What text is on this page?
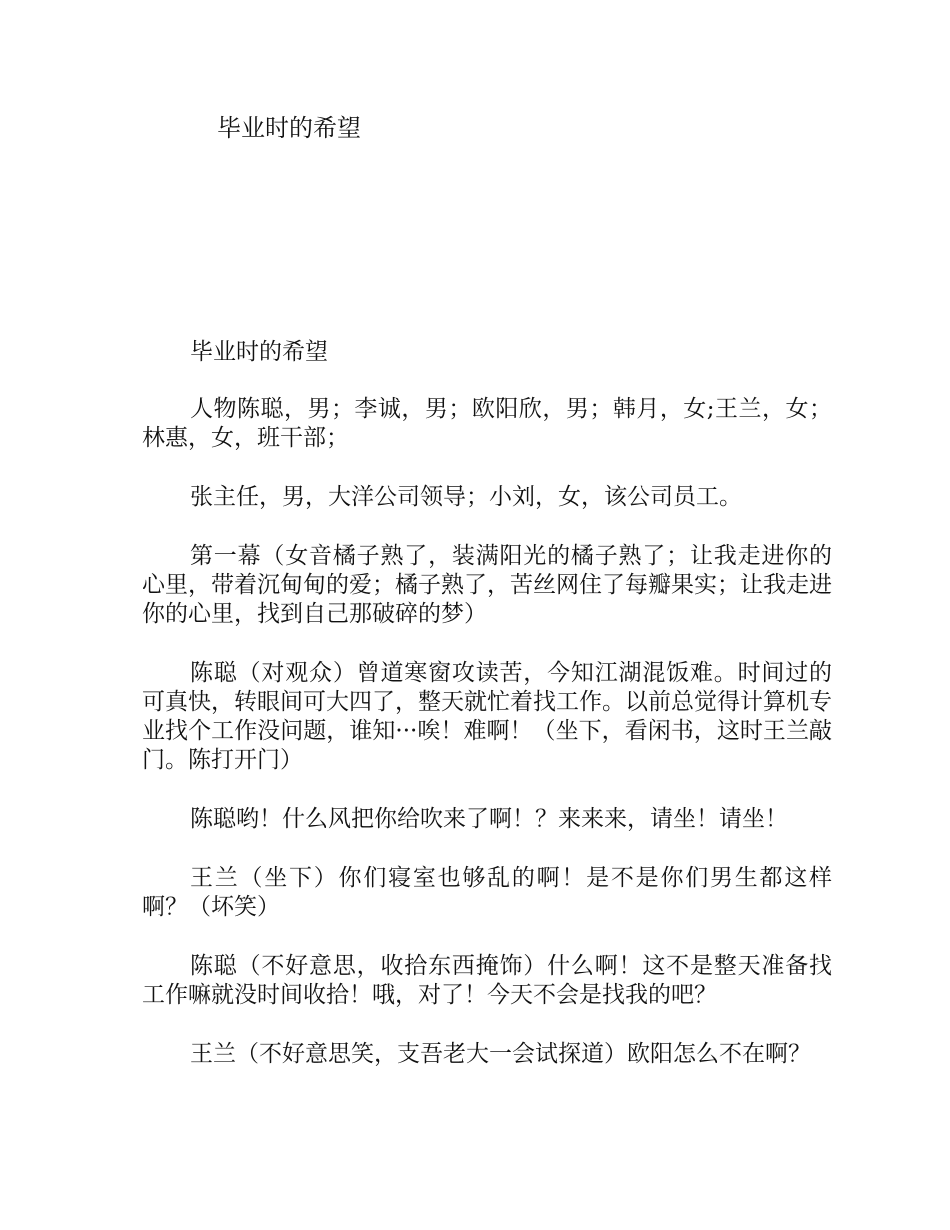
毕业时的希望

毕业时的希望

人物陈聪，男；李诚，男；欧阳欣，男；韩月，女;王兰，女；林惠，女，班干部；

张主任，男，大洋公司领导；小刘，女，该公司员工。

第一幕（女音橘子熟了，装满阳光的橘子熟了；让我走进你的心里，带着沉甸甸的爱；橘子熟了，苦丝网住了每瓣果实；让我走进你的心里，找到自己那破碎的梦）

陈聪（对观众）曾道寒窗攻读苦，今知江湖混饭难。时间过的可真快，转眼间可大四了，整天就忙着找工作。以前总觉得计算机专业找个工作没问题，谁知···唉！难啊！（坐下，看闲书，这时王兰敲门。陈打开门）

陈聪哟！什么风把你给吹来了啊！？来来来，请坐！请坐！

王兰（坐下）你们寝室也够乱的啊！是不是你们男生都这样啊？（坏笑）

陈聪（不好意思，收拾东西掩饰）什么啊！这不是整天准备找工作嘛就没时间收拾！哦，对了！今天不会是找我的吧？

王兰（不好意思笑，支吾老大一会试探道）欧阳怎么不在啊？
